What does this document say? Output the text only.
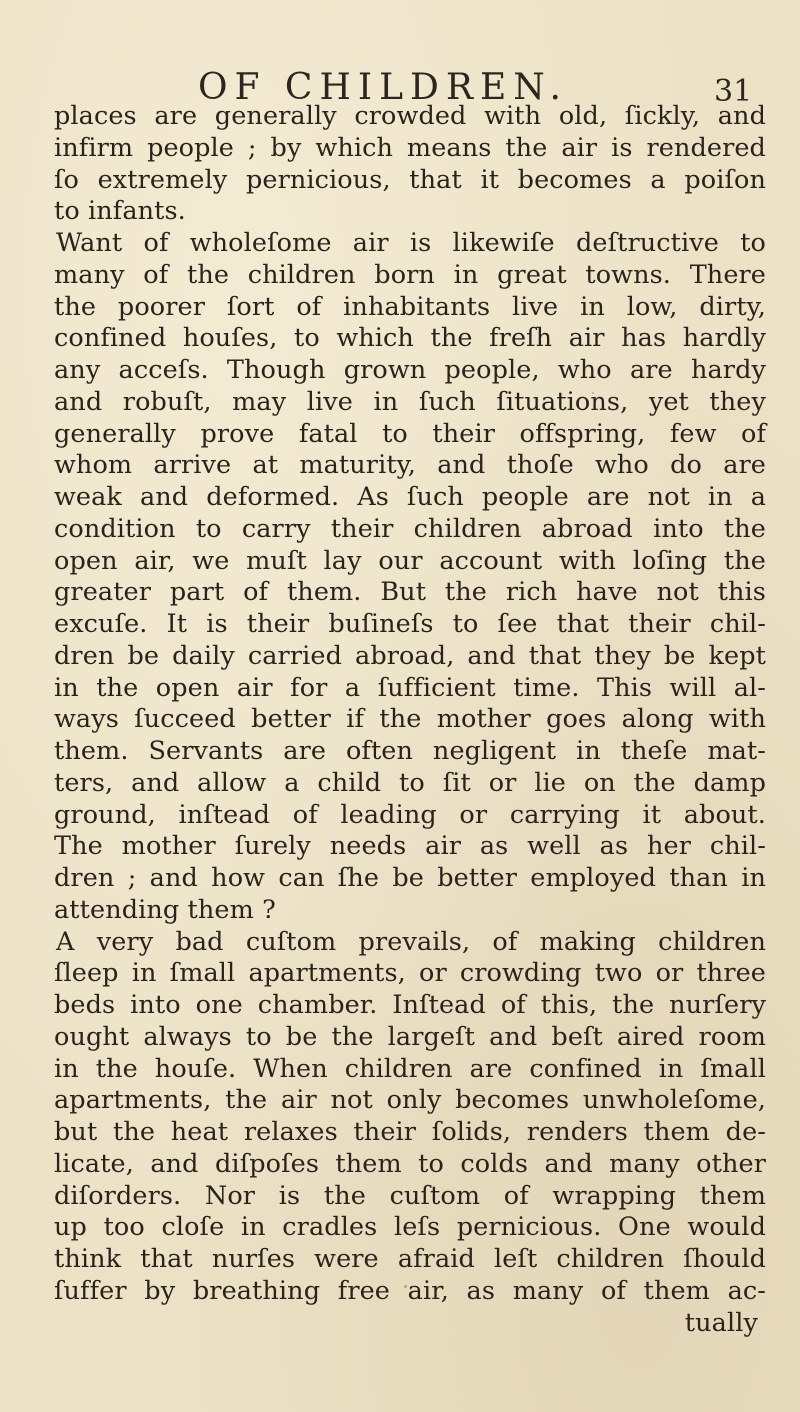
OF CHILDREN.	31
places are generally crowded with old, ſickly, and
infirm people ; by which means the air is rendered
ſo extremely pernicious, that it becomes a poiſon
to infants.
Want of wholeſome air is likewiſe deſtructive to
many of the children born in great towns. There
the poorer ſort of inhabitants live in low, dirty,
confined houſes, to which the freſh air has hardly
any acceſs. Though grown people, who are hardy
and robuſt, may live in ſuch ſituations, yet they
generally prove fatal to their offspring, few of
whom arrive at maturity, and thoſe who do are
weak and deformed. As ſuch people are not in a
condition to carry their children abroad into the
open air, we muſt lay our account with loſing the
greater part of them. But the rich have not this
excuſe. It is their buſineſs to ſee that their chil-
dren be daily carried abroad, and that they be kept
in the open air for a ſufficient time. This will al-
ways ſucceed better if the mother goes along with
them. Servants are often negligent in theſe mat-
ters, and allow a child to ſit or lie on the damp
ground, inſtead of leading or carrying it about.
The mother ſurely needs air as well as her chil-
dren ; and how can ſhe be better employed than in
attending them ?
A very bad cuſtom prevails, of making children
ſleep in ſmall apartments, or crowding two or three
beds into one chamber. Inſtead of this, the nurſery
ought always to be the largeſt and beſt aired room
in the houſe. When children are confined in ſmall
apartments, the air not only becomes unwholeſome,
but the heat relaxes their ſolids, renders them de-
licate, and diſpoſes them to colds and many other
diſorders. Nor is the cuſtom of wrapping them
up too cloſe in cradles leſs pernicious. One would
think that nurſes were afraid leſt children ſhould
ſuffer by breathing free air, as many of them ac-
tually
